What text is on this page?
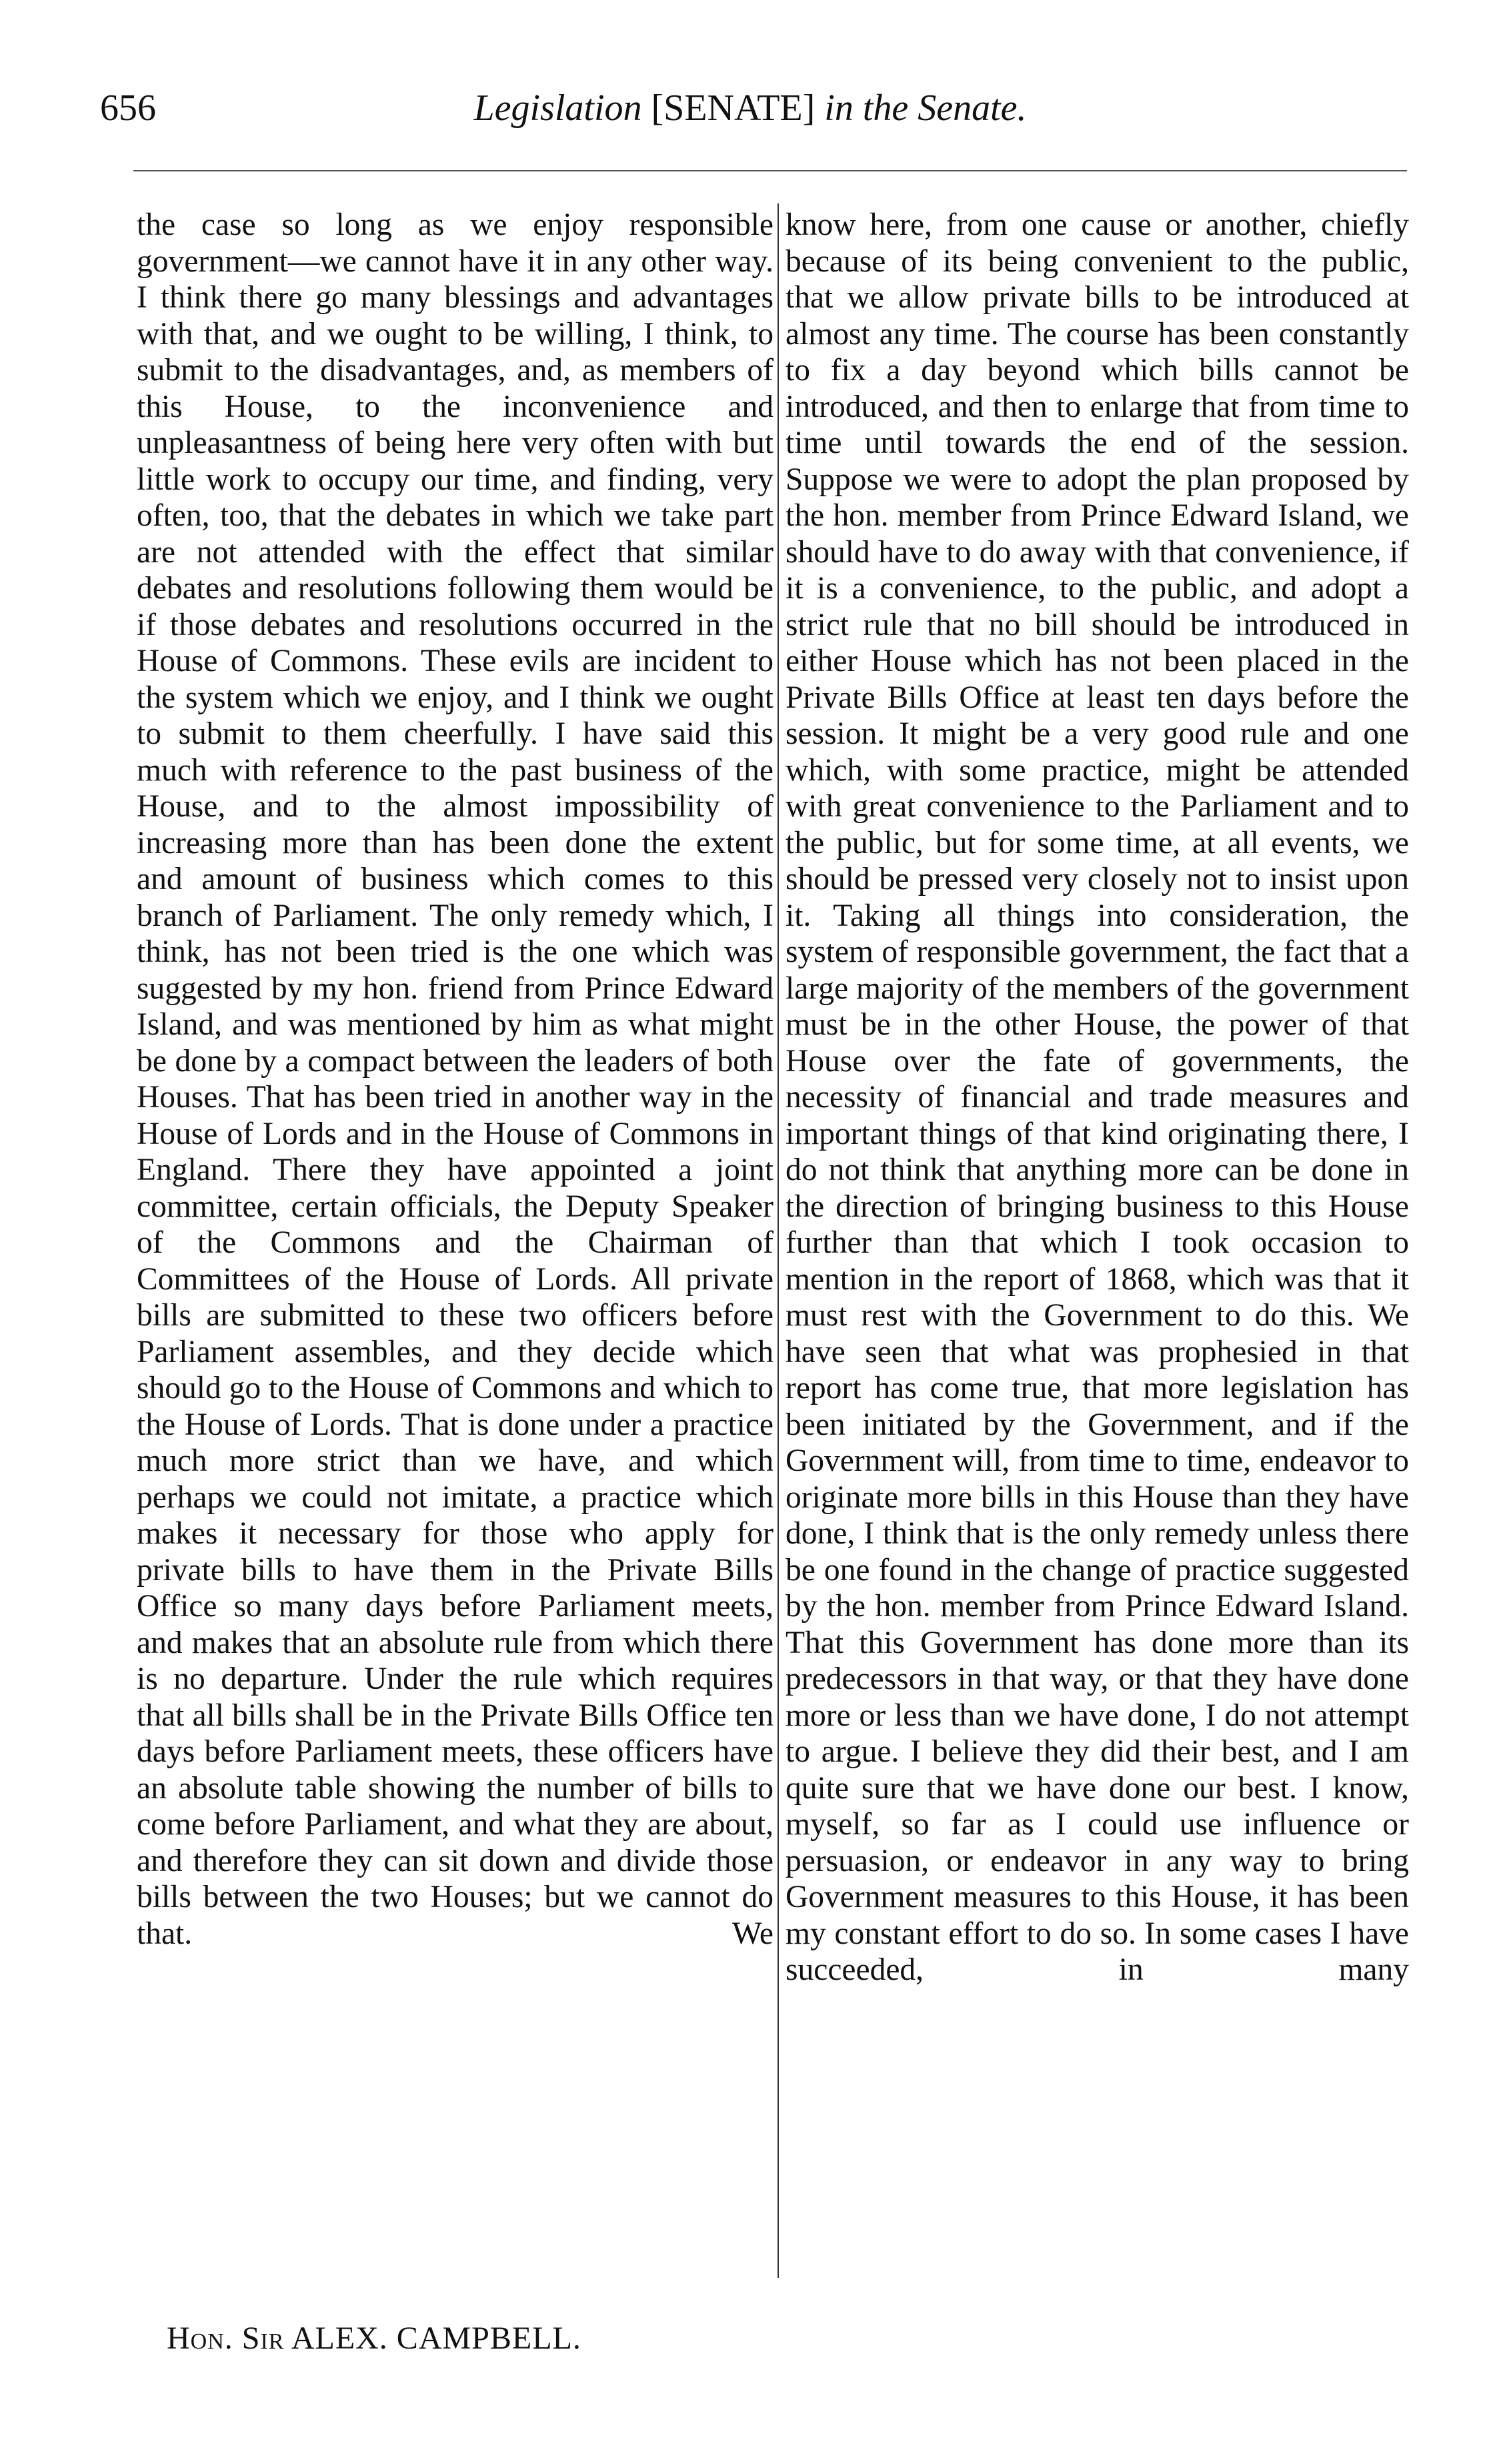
656	Legislation [SENATE] in the Senate.

the case so long as we enjoy responsible government—we cannot have it in any other way. I think there go many blessings and advantages with that, and we ought to be willing, I think, to submit to the disadvantages, and, as members of this House, to the inconvenience and unpleasantness of being here very often with but little work to occupy our time, and finding, very often, too, that the debates in which we take part are not attended with the effect that similar debates and resolutions following them would be if those debates and resolutions occurred in the House of Commons. These evils are incident to the system which we enjoy, and I think we ought to submit to them cheerfully. I have said this much with reference to the past business of the House, and to the almost impossibility of increasing more than has been done the extent and amount of business which comes to this branch of Parliament. The only remedy which, I think, has not been tried is the one which was suggested by my hon. friend from Prince Edward Island, and was mentioned by him as what might be done by a compact between the leaders of both Houses. That has been tried in another way in the House of Lords and in the House of Commons in England. There they have appointed a joint committee, certain officials, the Deputy Speaker of the Commons and the Chairman of Committees of the House of Lords. All private bills are submitted to these two officers before Parliament assembles, and they decide which should go to the House of Commons and which to the House of Lords. That is done under a practice much more strict than we have, and which perhaps we could not imitate, a practice which makes it necessary for those who apply for private bills to have them in the Private Bills Office so many days before Parliament meets, and makes that an absolute rule from which there is no departure. Under the rule which requires that all bills shall be in the Private Bills Office ten days before Parliament meets, these officers have an absolute table showing the number of bills to come before Parliament, and what they are about, and therefore they can sit down and divide those bills between the two Houses; but we cannot do that. We

know here, from one cause or another, chiefly because of its being convenient to the public, that we allow private bills to be introduced at almost any time. The course has been constantly to fix a day beyond which bills cannot be introduced, and then to enlarge that from time to time until towards the end of the session. Suppose we were to adopt the plan proposed by the hon. member from Prince Edward Island, we should have to do away with that convenience, if it is a convenience, to the public, and adopt a strict rule that no bill should be introduced in either House which has not been placed in the Private Bills Office at least ten days before the session. It might be a very good rule and one which, with some practice, might be attended with great convenience to the Parliament and to the public, but for some time, at all events, we should be pressed very closely not to insist upon it. Taking all things into consideration, the system of responsible government, the fact that a large majority of the members of the government must be in the other House, the power of that House over the fate of governments, the necessity of financial and trade measures and important things of that kind originating there, I do not think that anything more can be done in the direction of bringing business to this House further than that which I took occasion to mention in the report of 1868, which was that it must rest with the Government to do this. We have seen that what was prophesied in that report has come true, that more legislation has been initiated by the Government, and if the Government will, from time to time, endeavor to originate more bills in this House than they have done, I think that is the only remedy unless there be one found in the change of practice suggested by the hon. member from Prince Edward Island. That this Government has done more than its predecessors in that way, or that they have done more or less than we have done, I do not attempt to argue. I believe they did their best, and I am quite sure that we have done our best. I know, myself, so far as I could use influence or persuasion, or endeavor in any way to bring Government measures to this House, it has been my constant effort to do so. In some cases I have succeeded, in many

Hon. Sir ALEX. CAMPBELL.
